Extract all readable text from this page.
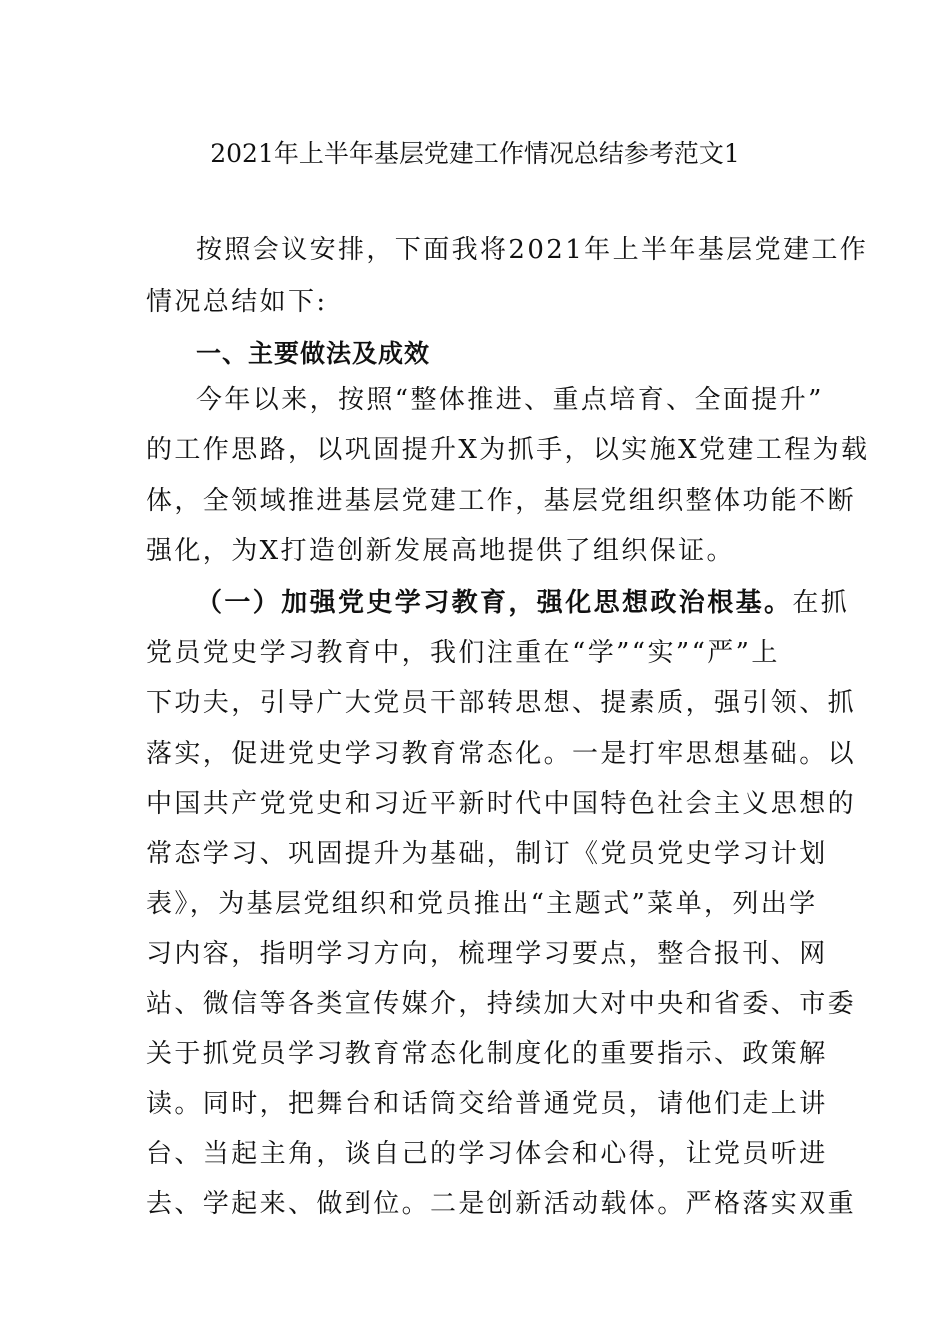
2021年上半年基层党建工作情况总结参考范文1
按照会议安排，下面我将2021年上半年基层党建工作
情况总结如下:
一、主要做法及成效
今年以来，按照“整体推进、重点培育、全面提升”
的工作思路，以巩固提升X为抓手，以实施X党建工程为载
体，全领域推进基层党建工作，基层党组织整体功能不断
强化，为X打造创新发展高地提供了组织保证。
（一）加强党史学习教育，强化思想政治根基。在抓
党员党史学习教育中，我们注重在“学”“实”“严”上
下功夫，引导广大党员干部转思想、提素质，强引领、抓
落实，促进党史学习教育常态化。一是打牢思想基础。以
中国共产党党史和习近平新时代中国特色社会主义思想的
常态学习、巩固提升为基础，制订《党员党史学习计划
表》，为基层党组织和党员推出“主题式”菜单，列出学
习内容，指明学习方向，梳理学习要点，整合报刊、网
站、微信等各类宣传媒介，持续加大对中央和省委、市委
关于抓党员学习教育常态化制度化的重要指示、政策解
读。同时，把舞台和话筒交给普通党员，请他们走上讲
台、当起主角，谈自己的学习体会和心得，让党员听进
去、学起来、做到位。二是创新活动载体。严格落实双重
